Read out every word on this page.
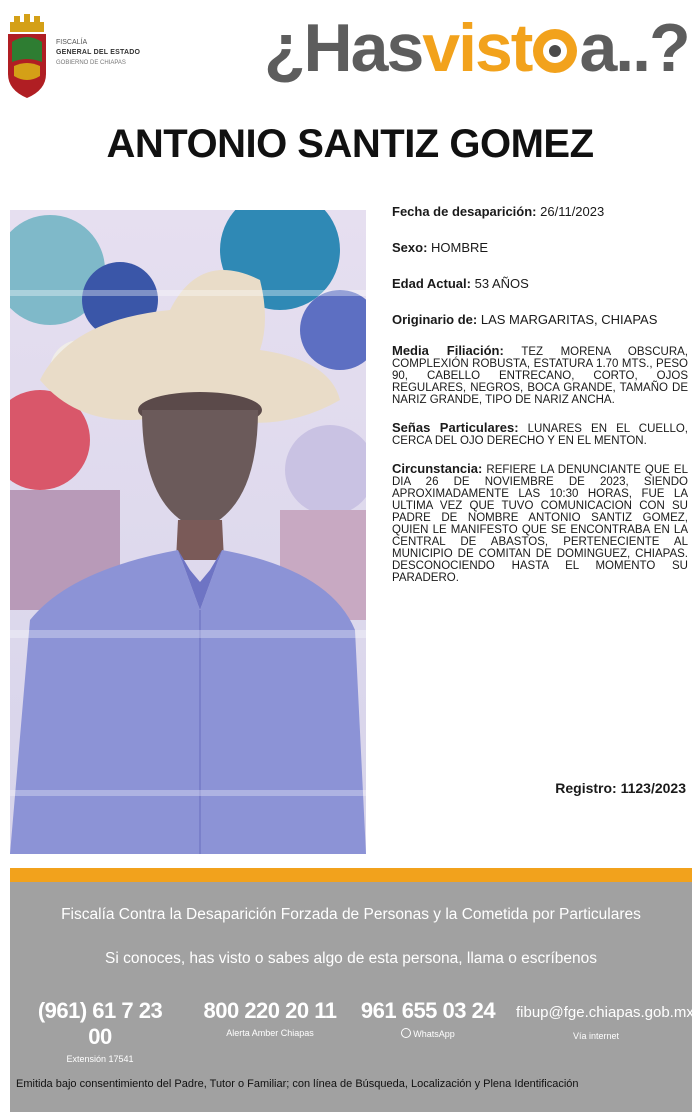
FISCALÍA
GENERAL DEL ESTADO
GOBIERNO DE CHIAPAS ¿Hasvist a..?
ANTONIO SANTIZ GOMEZ
Fecha de desaparición: 26/11/2023
Sexo: HOMBRE
Edad Actual: 53 AÑOS
Originario de: LAS MARGARITAS, CHIAPAS
Media Filiación: TEZ MORENA OBSCURA, COMPLEXIÓN ROBUSTA, ESTATURA 1.70 MTS., PESO 90, CABELLO ENTRECANO, CORTO, OJOS REGULARES, NEGROS, BOCA GRANDE, TAMAÑO DE NARIZ GRANDE, TIPO DE NARIZ ANCHA.
Señas Particulares: LUNARES EN EL CUELLO, CERCA DEL OJO DERECHO Y EN EL MENTON.
Circunstancia: REFIERE LA DENUNCIANTE QUE EL DIA 26 DE NOVIEMBRE DE 2023, SIENDO APROXIMADAMENTE LAS 10:30 HORAS, FUE LA ULTIMA VEZ QUE TUVO COMUNICACION CON SU PADRE DE NOMBRE ANTONIO SANTIZ GOMEZ, QUIEN LE MANIFESTO QUE SE ENCONTRABA EN LA CENTRAL DE ABASTOS, PERTENECIENTE AL MUNICIPIO DE COMITAN DE DOMINGUEZ, CHIAPAS. DESCONOCIENDO HASTA EL MOMENTO SU PARADERO.
Registro: 1123/2023
Fiscalía Contra la Desaparición Forzada de Personas y la Cometida por Particulares
Si conoces, has visto o sabes algo de esta persona, llama o escríbenos
(961) 61 7 23 00
Extensión 17541
800 220 20 11
Alerta Amber Chiapas
961 655 03 24
WhatsApp
fibup@fge.chiapas.gob.mx
Vía internet
Emitida bajo consentimiento del Padre, Tutor o Familiar; con línea de Búsqueda, Localización y Plena Identificación
